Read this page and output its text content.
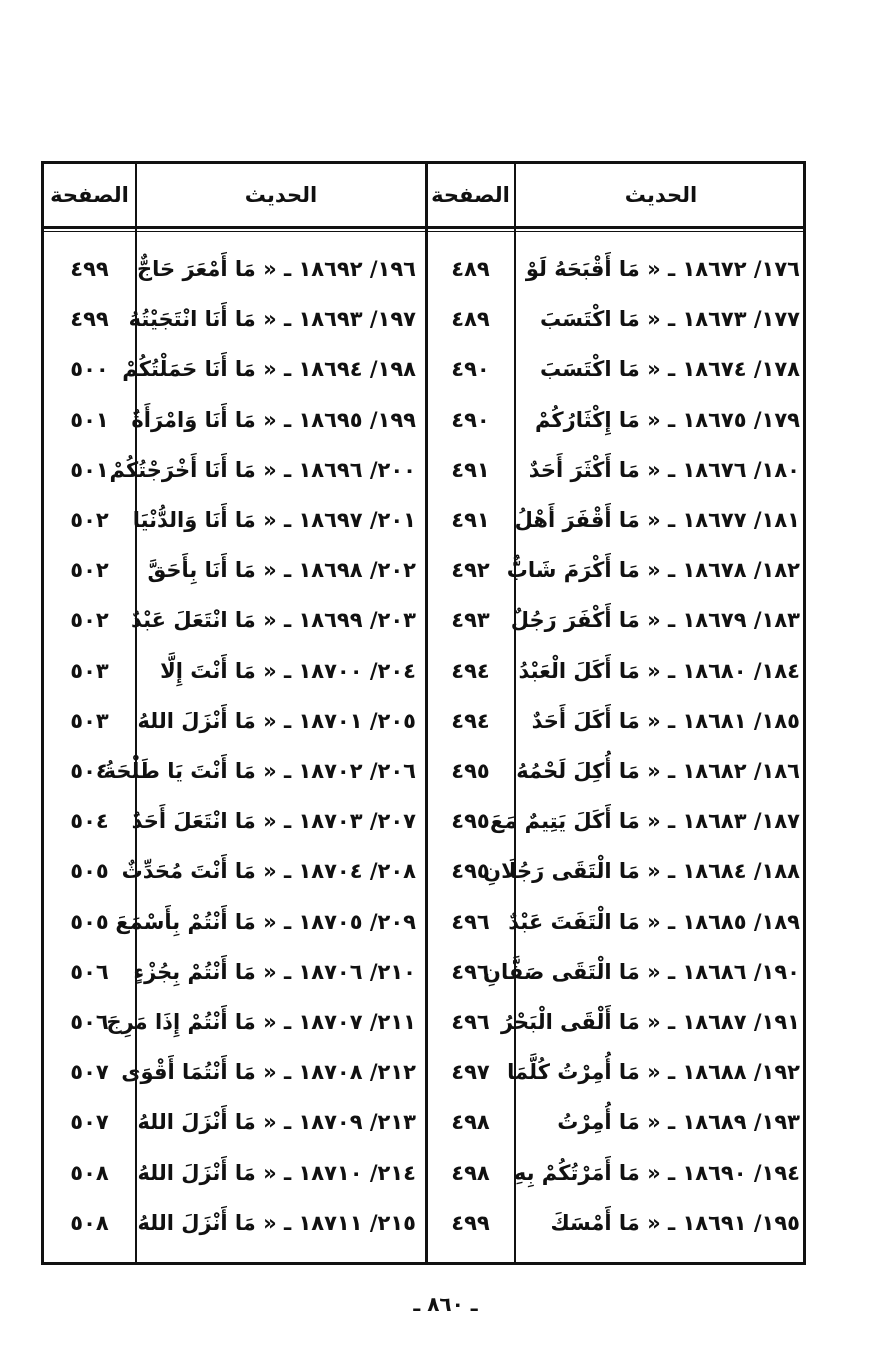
الحديث
الصفحة
الحديث
الصفحة
١٧٦/ ١٨٦٧٢ ـ « مَا أَقْبَحَهُ لَوْ
٤٨٩
١٩٦/ ١٨٦٩٢ ـ « مَا أَمْعَرَ حَاجٌّ
٤٩٩
١٧٧/ ١٨٦٧٣ ـ « مَا اكْتَسَبَ
٤٨٩
١٩٧/ ١٨٦٩٣ ـ « مَا أَنَا انْتَجَيْتُهُ
٤٩٩
١٧٨/ ١٨٦٧٤ ـ « مَا اكْتَسَبَ
٤٩٠
١٩٨/ ١٨٦٩٤ ـ « مَا أَنَا حَمَلْتُكُمْ
٥٠٠
١٧٩/ ١٨٦٧٥ ـ « مَا إِكْثَارُكُمْ
٤٩٠
١٩٩/ ١٨٦٩٥ ـ « مَا أَنَا وَامْرَأَةٌ
٥٠١
١٨٠/ ١٨٦٧٦ ـ « مَا أَكْثَرَ أَحَدٌ
٤٩١
٢٠٠/ ١٨٦٩٦ ـ « مَا أَنَا أَخْرَجْتُكُمْ
٥٠١
١٨١/ ١٨٦٧٧ ـ « مَا أَقْفَرَ أَهْلُ
٤٩١
٢٠١/ ١٨٦٩٧ ـ « مَا أَنَا وَالدُّنْيَا
٥٠٢
١٨٢/ ١٨٦٧٨ ـ « مَا أَكْرَمَ شَابٌّ
٤٩٢
٢٠٢/ ١٨٦٩٨ ـ « مَا أَنَا بِأَحَقَّ
٥٠٢
١٨٣/ ١٨٦٧٩ ـ « مَا أَكْفَرَ رَجُلٌ
٤٩٣
٢٠٣/ ١٨٦٩٩ ـ « مَا انْتَعَلَ عَبْدٌ
٥٠٢
١٨٤/ ١٨٦٨٠ ـ « مَا أَكَلَ الْعَبْدُ
٤٩٤
٢٠٤/ ١٨٧٠٠ ـ « مَا أَنْتَ إِلَّا
٥٠٣
١٨٥/ ١٨٦٨١ ـ « مَا أَكَلَ أَحَدٌ
٤٩٤
٢٠٥/ ١٨٧٠١ ـ « مَا أَنْزَلَ اللهُ
٥٠٣
١٨٦/ ١٨٦٨٢ ـ « مَا أُكِلَ لَحْمُهُ
٤٩٥
٢٠٦/ ١٨٧٠٢ ـ « مَا أَنْتَ يَا طَلْحَةُ
٥٠٤
١٨٧/ ١٨٦٨٣ ـ « مَا أَكَلَ يَتِيمٌ مَعَ
٤٩٥
٢٠٧/ ١٨٧٠٣ ـ « مَا انْتَعَلَ أَحَدٌ
٥٠٤
١٨٨/ ١٨٦٨٤ ـ « مَا الْتَقَى رَجُلَانِ
٤٩٥
٢٠٨/ ١٨٧٠٤ ـ « مَا أَنْتَ مُحَدِّثٌ
٥٠٥
١٨٩/ ١٨٦٨٥ ـ « مَا الْتَفَتَ عَبْدٌ
٤٩٦
٢٠٩/ ١٨٧٠٥ ـ « مَا أَنْتُمْ بِأَسْمَعَ
٥٠٥
١٩٠/ ١٨٦٨٦ ـ « مَا الْتَقَى صَفَّانِ
٤٩٦
٢١٠/ ١٨٧٠٦ ـ « مَا أَنْتُمْ بِجُزْءٍ
٥٠٦
١٩١/ ١٨٦٨٧ ـ « مَا أَلْقَى الْبَحْرُ
٤٩٦
٢١١/ ١٨٧٠٧ ـ « مَا أَنْتُمْ إِذَا مَرِجَ
٥٠٦
١٩٢/ ١٨٦٨٨ ـ « مَا أُمِرْتُ كُلَّمَا
٤٩٧
٢١٢/ ١٨٧٠٨ ـ « مَا أَنْتُمَا أَقْوَى
٥٠٧
١٩٣/ ١٨٦٨٩ ـ « مَا أُمِرْتُ
٤٩٨
٢١٣/ ١٨٧٠٩ ـ « مَا أَنْزَلَ اللهُ
٥٠٧
١٩٤/ ١٨٦٩٠ ـ « مَا أَمَرْتُكُمْ بِهِ
٤٩٨
٢١٤/ ١٨٧١٠ ـ « مَا أَنْزَلَ اللهُ
٥٠٨
١٩٥/ ١٨٦٩١ ـ « مَا أَمْسَكَ
٤٩٩
٢١٥/ ١٨٧١١ ـ « مَا أَنْزَلَ اللهُ
٥٠٨
ـ ٨٦٠ ـ
